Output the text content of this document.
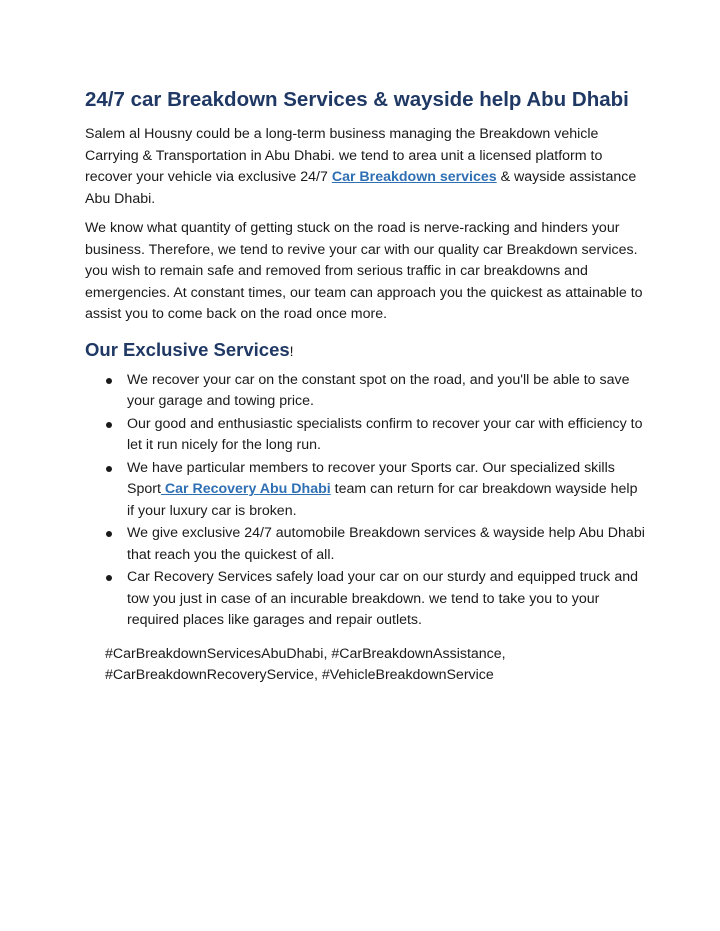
24/7 car Breakdown Services & wayside help Abu Dhabi

Salem al Housny could be a long-term business managing the Breakdown vehicle Carrying & Transportation in Abu Dhabi. we tend to area unit a licensed platform to recover your vehicle via exclusive 24/7 Car Breakdown services & wayside assistance Abu Dhabi.

We know what quantity of getting stuck on the road is nerve-racking and hinders your business. Therefore, we tend to revive your car with our quality car Breakdown services. you wish to remain safe and removed from serious traffic in car breakdowns and emergencies. At constant times, our team can approach you the quickest as attainable to assist you to come back on the road once more.

Our Exclusive Services!
We recover your car on the constant spot on the road, and you'll be able to save your garage and towing price.
Our good and enthusiastic specialists confirm to recover your car with efficiency to let it run nicely for the long run.
We have particular members to recover your Sports car. Our specialized skills Sport Car Recovery Abu Dhabi team can return for car breakdown wayside help if your luxury car is broken.
We give exclusive 24/7 automobile Breakdown services & wayside help Abu Dhabi that reach you the quickest of all.
Car Recovery Services safely load your car on our sturdy and equipped truck and tow you just in case of an incurable breakdown. we tend to take you to your required places like garages and repair outlets.

#CarBreakdownServicesAbuDhabi, #CarBreakdownAssistance, #CarBreakdownRecoveryService, #VehicleBreakdownService
